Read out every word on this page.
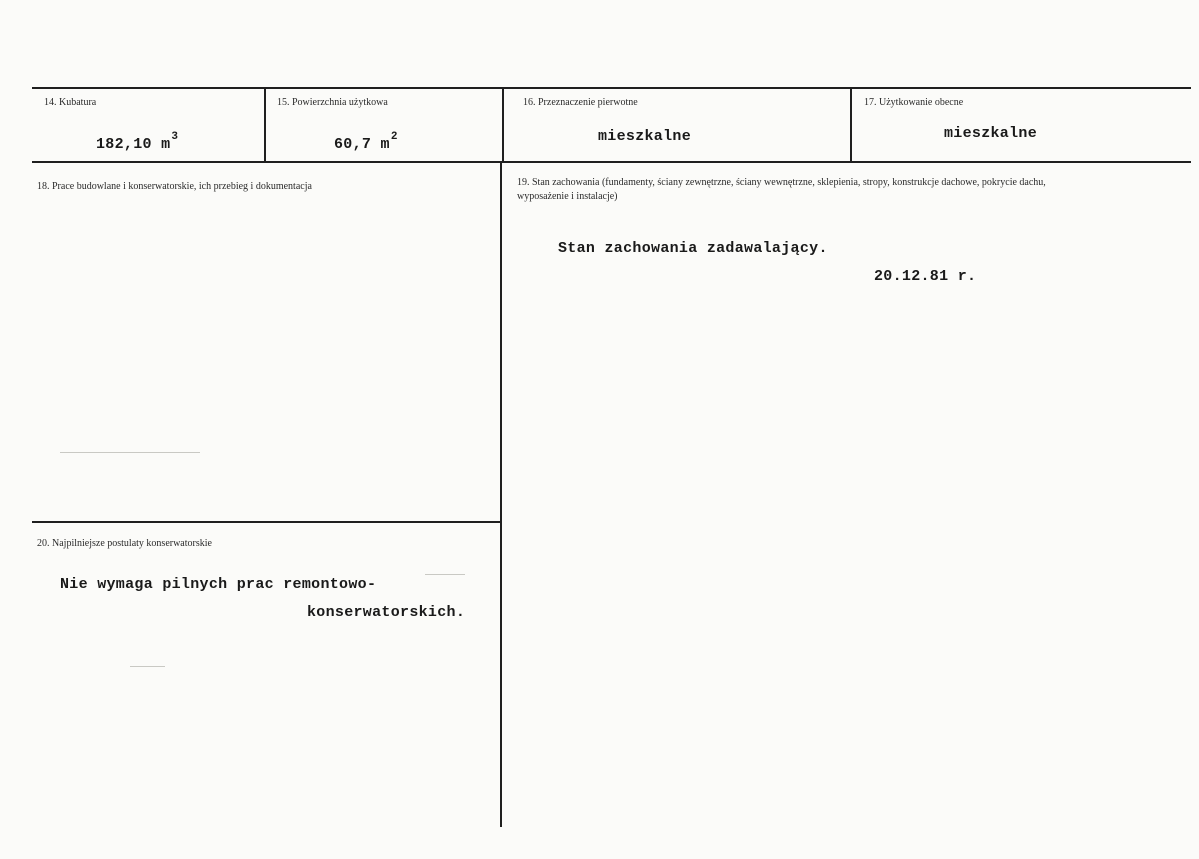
14. Kubatura
182,10 $m^3$
15. Powierzchnia użytkowa
60,7 $m^2$
16. Przeznaczenie pierwotne
mieszkalne
17. Użytkowanie obecne
mieszkalne
18. Prace budowlane i konserwatorskie, ich przebieg i dokumentacja	19. Stan zachowania (fundamenty, ściany zewnętrzne, ściany wewnętrzne, sklepienia, stropy, konstrukcje dachowe, pokrycie dachu, wyposażenie i instalacje)
Stan zachowania zadawalający.
20.12.81 r.
20. Najpilniejsze postulaty konserwatorskie
Nie wymaga pilnych prac remontowo-
konserwatorskich.
